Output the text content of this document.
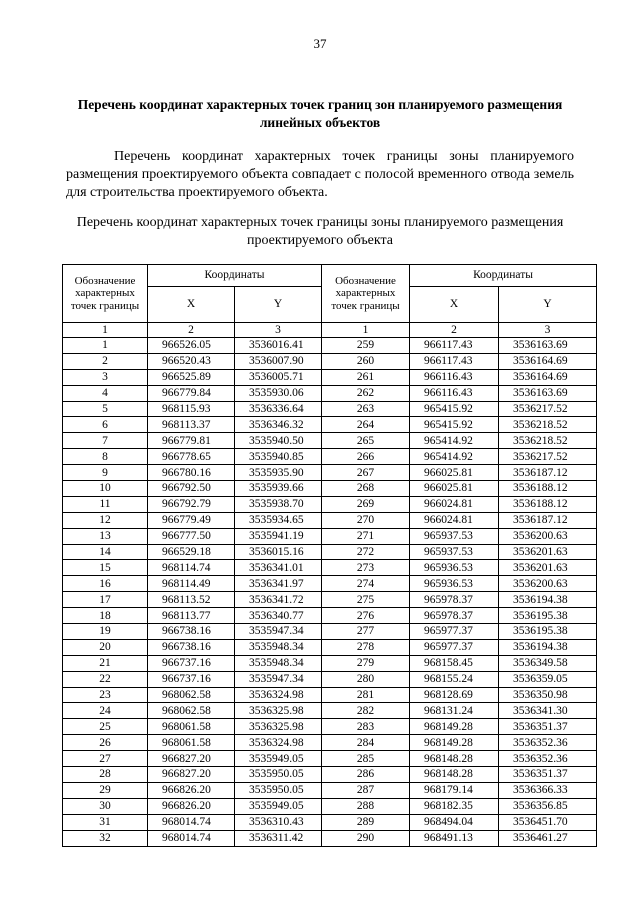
37
Перечень координат характерных точек границ зон планируемого размещения линейных объектов
Перечень координат характерных точек границы зоны планируемого размещения проектируемого объекта совпадает с полосой временного отвода земель для строительства проектируемого объекта.
Перечень координат характерных точек границы зоны планируемого размещения проектируемого объекта
Обозначение характерных точек границы	Координаты		Обозначение характерных точек границы	Координаты	
	X	Y		X	Y
1	2	3	1	2	3
1	966526.05	3536016.41	259	966117.43	3536163.69
2	966520.43	3536007.90	260	966117.43	3536164.69
3	966525.89	3536005.71	261	966116.43	3536164.69
4	966779.84	3535930.06	262	966116.43	3536163.69
5	968115.93	3536336.64	263	965415.92	3536217.52
6	968113.37	3536346.32	264	965415.92	3536218.52
7	966779.81	3535940.50	265	965414.92	3536218.52
8	966778.65	3535940.85	266	965414.92	3536217.52
9	966780.16	3535935.90	267	966025.81	3536187.12
10	966792.50	3535939.66	268	966025.81	3536188.12
11	966792.79	3535938.70	269	966024.81	3536188.12
12	966779.49	3535934.65	270	966024.81	3536187.12
13	966777.50	3535941.19	271	965937.53	3536200.63
14	966529.18	3536015.16	272	965937.53	3536201.63
15	968114.74	3536341.01	273	965936.53	3536201.63
16	968114.49	3536341.97	274	965936.53	3536200.63
17	968113.52	3536341.72	275	965978.37	3536194.38
18	968113.77	3536340.77	276	965978.37	3536195.38
19	966738.16	3535947.34	277	965977.37	3536195.38
20	966738.16	3535948.34	278	965977.37	3536194.38
21	966737.16	3535948.34	279	968158.45	3536349.58
22	966737.16	3535947.34	280	968155.24	3536359.05
23	968062.58	3536324.98	281	968128.69	3536350.98
24	968062.58	3536325.98	282	968131.24	3536341.30
25	968061.58	3536325.98	283	968149.28	3536351.37
26	968061.58	3536324.98	284	968149.28	3536352.36
27	966827.20	3535949.05	285	968148.28	3536352.36
28	966827.20	3535950.05	286	968148.28	3536351.37
29	966826.20	3535950.05	287	968179.14	3536366.33
30	966826.20	3535949.05	288	968182.35	3536356.85
31	968014.74	3536310.43	289	968494.04	3536451.70
32	968014.74	3536311.42	290	968491.13	3536461.27
